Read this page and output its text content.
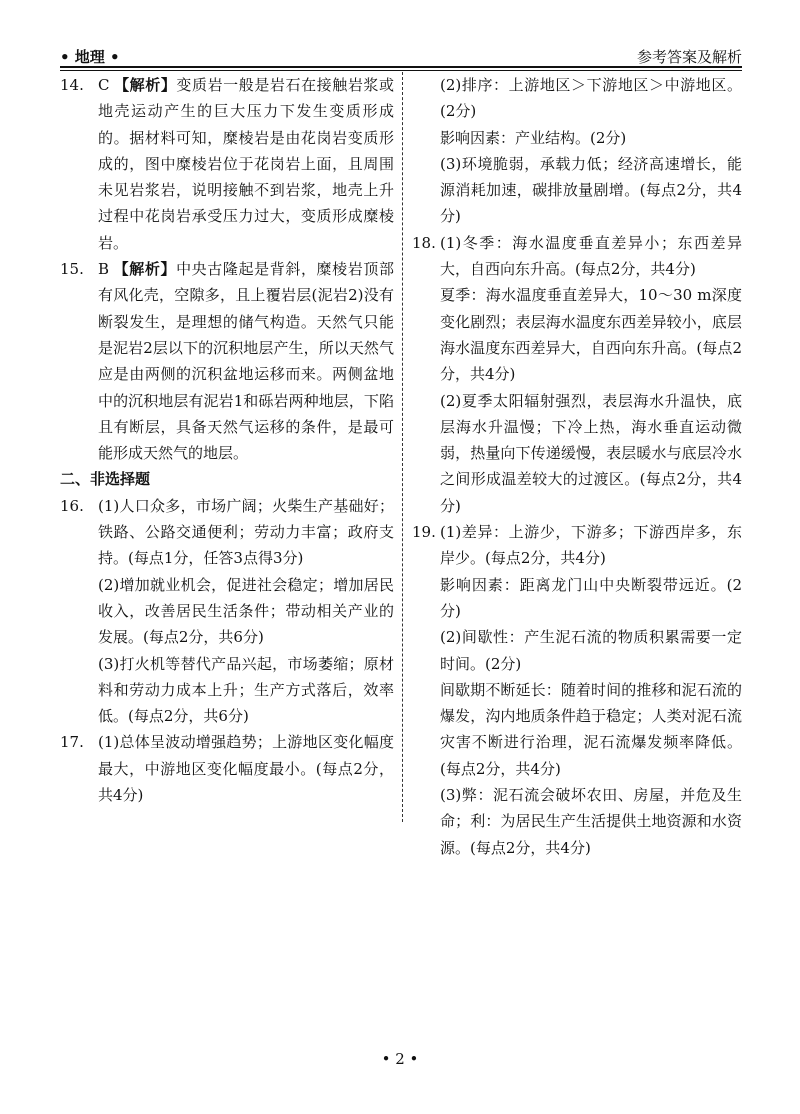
• 地理 •	参考答案及解析
14. C 【解析】变质岩一般是岩石在接触岩浆或地壳运动产生的巨大压力下发生变质形成的。据材料可知，糜棱岩是由花岗岩变质形成的，图中糜棱岩位于花岗岩上面，且周围未见岩浆岩，说明接触不到岩浆，地壳上升过程中花岗岩承受压力过大，变质形成糜棱岩。
15. B 【解析】中央古隆起是背斜，糜棱岩顶部有风化壳，空隙多，且上覆岩层(泥岩2)没有断裂发生，是理想的储气构造。天然气只能是泥岩2层以下的沉积地层产生，所以天然气应是由两侧的沉积盆地运移而来。两侧盆地中的沉积地层有泥岩1和砾岩两种地层，下陷且有断层，具备天然气运移的条件，是最可能形成天然气的地层。

二、非选择题

16. (1)人口众多，市场广阔；火柴生产基础好；铁路、公路交通便利；劳动力丰富；政府支持。(每点1分，任答3点得3分)

(2)增加就业机会，促进社会稳定；增加居民收入，改善居民生活条件；带动相关产业的发展。(每点2分，共6分)

(3)打火机等替代产品兴起，市场萎缩；原材料和劳动力成本上升；生产方式落后，效率低。(每点2分，共6分)

17. (1)总体呈波动增强趋势；上游地区变化幅度最大，中游地区变化幅度最小。(每点2分，共4分)

(2)排序：上游地区＞下游地区＞中游地区。(2分)

影响因素：产业结构。(2分)

(3)环境脆弱，承载力低；经济高速增长，能源消耗加速，碳排放量剧增。(每点2分，共4分)

18. (1)冬季：海水温度垂直差异小；东西差异大，自西向东升高。(每点2分，共4分)

夏季：海水温度垂直差异大，10～30 m深度变化剧烈；表层海水温度东西差异较小，底层海水温度东西差异大，自西向东升高。(每点2分，共4分)

(2)夏季太阳辐射强烈，表层海水升温快，底层海水升温慢；下冷上热，海水垂直运动微弱，热量向下传递缓慢，表层暖水与底层冷水之间形成温差较大的过渡区。(每点2分，共4分)

19. (1)差异：上游少，下游多；下游西岸多，东岸少。(每点2分，共4分)

影响因素：距离龙门山中央断裂带远近。(2分)

(2)间歇性：产生泥石流的物质积累需要一定时间。(2分)

间歇期不断延长：随着时间的推移和泥石流的爆发，沟内地质条件趋于稳定；人类对泥石流灾害不断进行治理，泥石流爆发频率降低。(每点2分，共4分)

(3)弊：泥石流会破坏农田、房屋，并危及生命；利：为居民生产生活提供土地资源和水资源。(每点2分，共4分)

• 2 •
